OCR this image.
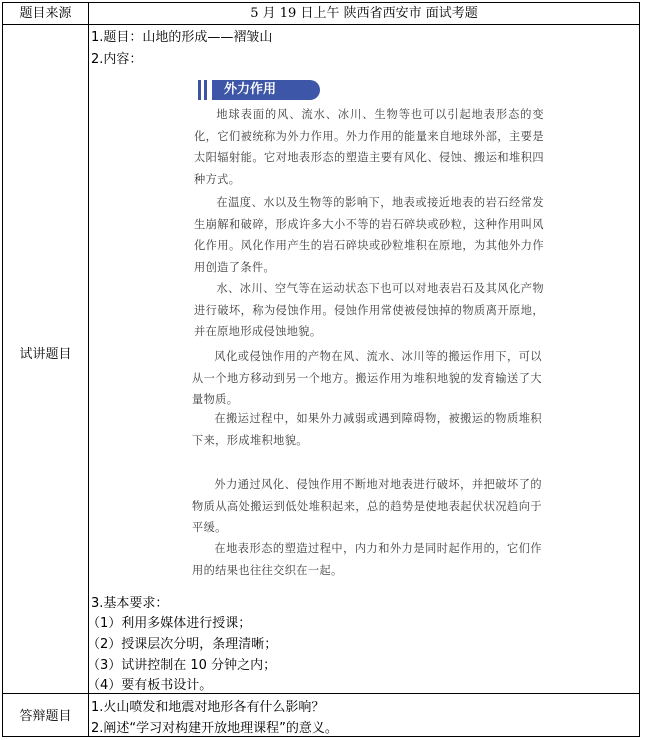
题目来源	5 月 19 日上午 陕西省西安市 面试考题
试讲题目
1.题目：山地的形成——褶皱山
2.内容：
3.基本要求：
（1）利用多媒体进行授课；
（2）授课层次分明，条理清晰；
（3）试讲控制在 10 分钟之内；
（4）要有板书设计。
答辩题目
1.火山喷发和地震对地形各有什么影响？
2.阐述“学习对构建开放地理课程”的意义。
外力作用

地球表面的风、流水、冰川、生物等也可以引起地表形态的变化，它们被统称为外力作用。外力作用的能量来自地球外部，主要是太阳辐射能。它对地表形态的塑造主要有风化、侵蚀、搬运和堆积四种方式。

在温度、水以及生物等的影响下，地表或接近地表的岩石经常发生崩解和破碎，形成许多大小不等的岩石碎块或砂粒，这种作用叫风化作用。风化作用产生的岩石碎块或砂粒堆积在原地，为其他外力作用创造了条件。

水、冰川、空气等在运动状态下也可以对地表岩石及其风化产物进行破坏，称为侵蚀作用。侵蚀作用常使被侵蚀掉的物质离开原地，并在原地形成侵蚀地貌。

风化或侵蚀作用的产物在风、流水、冰川等的搬运作用下，可以从一个地方移动到另一个地方。搬运作用为堆积地貌的发育输送了大量物质。

在搬运过程中，如果外力减弱或遇到障碍物，被搬运的物质堆积下来，形成堆积地貌。

外力通过风化、侵蚀作用不断地对地表进行破坏，并把破坏了的物质从高处搬运到低处堆积起来，总的趋势是使地表起伏状况趋向于平缓。

在地表形态的塑造过程中，内力和外力是同时起作用的，它们作用的结果也往往交织在一起。
